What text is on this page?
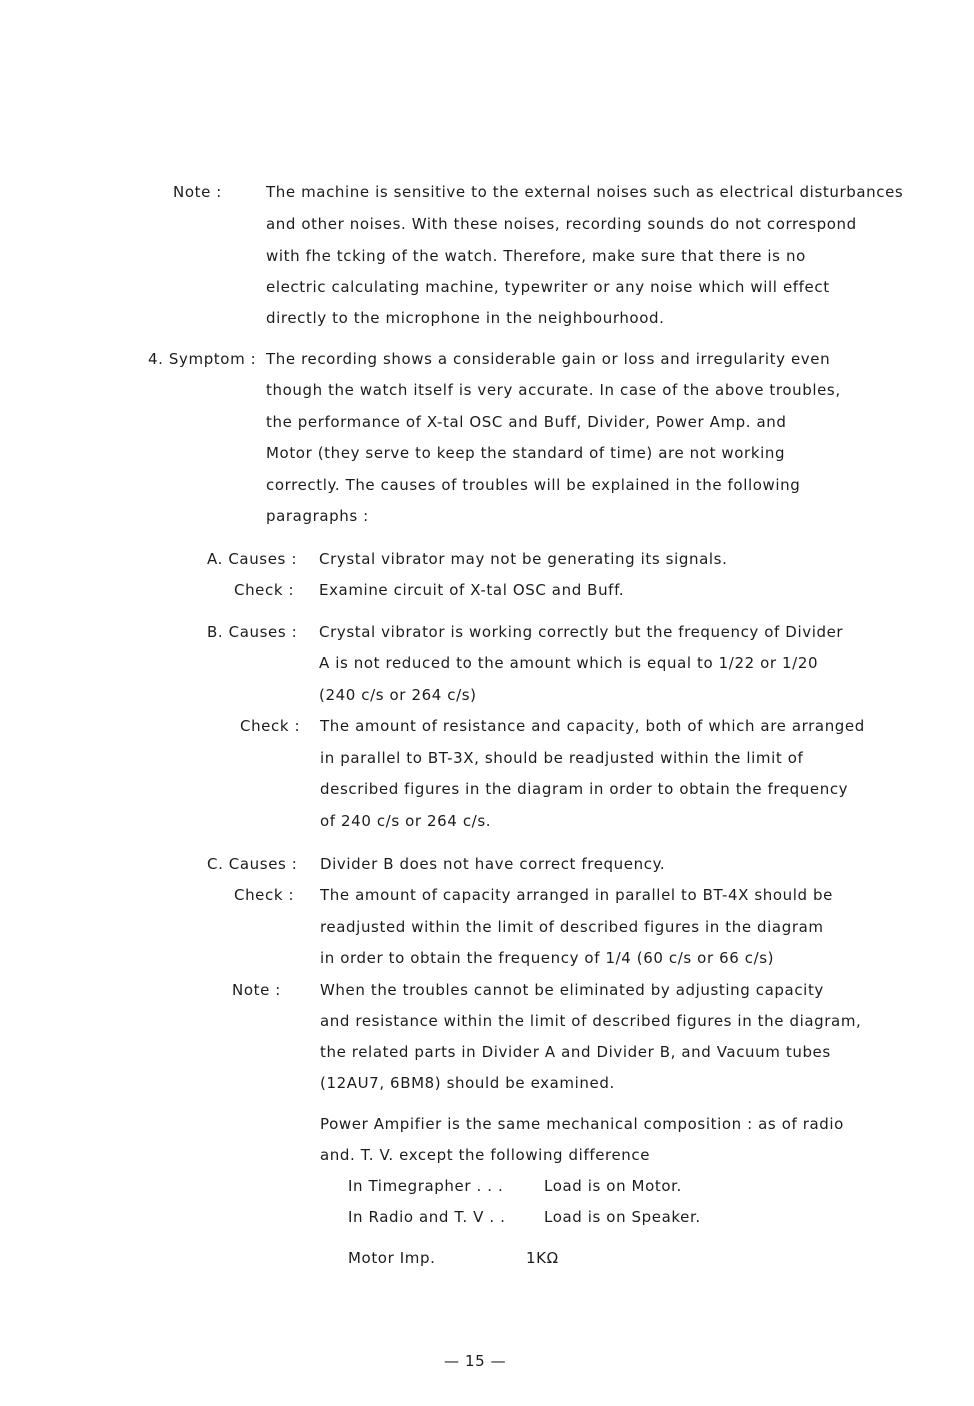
Note :	The machine is sensitive to the external noises such as electrical disturbances
and other noises. With these noises, recording sounds do not correspond
with fhe tcking of the watch. Therefore, make sure that there is no
electric calculating machine, typewriter or any noise which will effect
directly to the microphone in the neighbourhood.
4. Symptom : The recording shows a considerable gain or loss and irregularity even
though the watch itself is very accurate. In case of the above troubles,
the performance of X-tal OSC and Buff, Divider, Power Amp. and
Motor (they serve to keep the standard of time) are not working
correctly. The causes of troubles will be explained in the following
paragraphs :
A. Causes : Crystal vibrator may not be generating its signals.
Check : Examine circuit of X-tal OSC and Buff.
B. Causes : Crystal vibrator is working correctly but the frequency of Divider
A is not reduced to the amount which is equal to 1/22 or 1/20
(240 c/s or 264 c/s)
Check : The amount of resistance and capacity, both of which are arranged
in parallel to BT-3X, should be readjusted within the limit of
described figures in the diagram in order to obtain the frequency
of 240 c/s or 264 c/s.
C. Causes : Divider B does not have correct frequency.
Check : The amount of capacity arranged in parallel to BT-4X should be
readjusted within the limit of described figures in the diagram
in order to obtain the frequency of 1/4 (60 c/s or 66 c/s)
Note :	When the troubles cannot be eliminated by adjusting capacity
and resistance within the limit of described figures in the diagram,
the related parts in Divider A and Divider B, and Vacuum tubes
(12AU7, 6BM8) should be examined.
Power Ampifier is the same mechanical composition : as of radio
and. T. V. except the following difference
In Timegrapher . . .	Load is on Motor.
In Radio and T. V . .	Load is on Speaker.
Motor Imp.	1KΩ
— 15 —
